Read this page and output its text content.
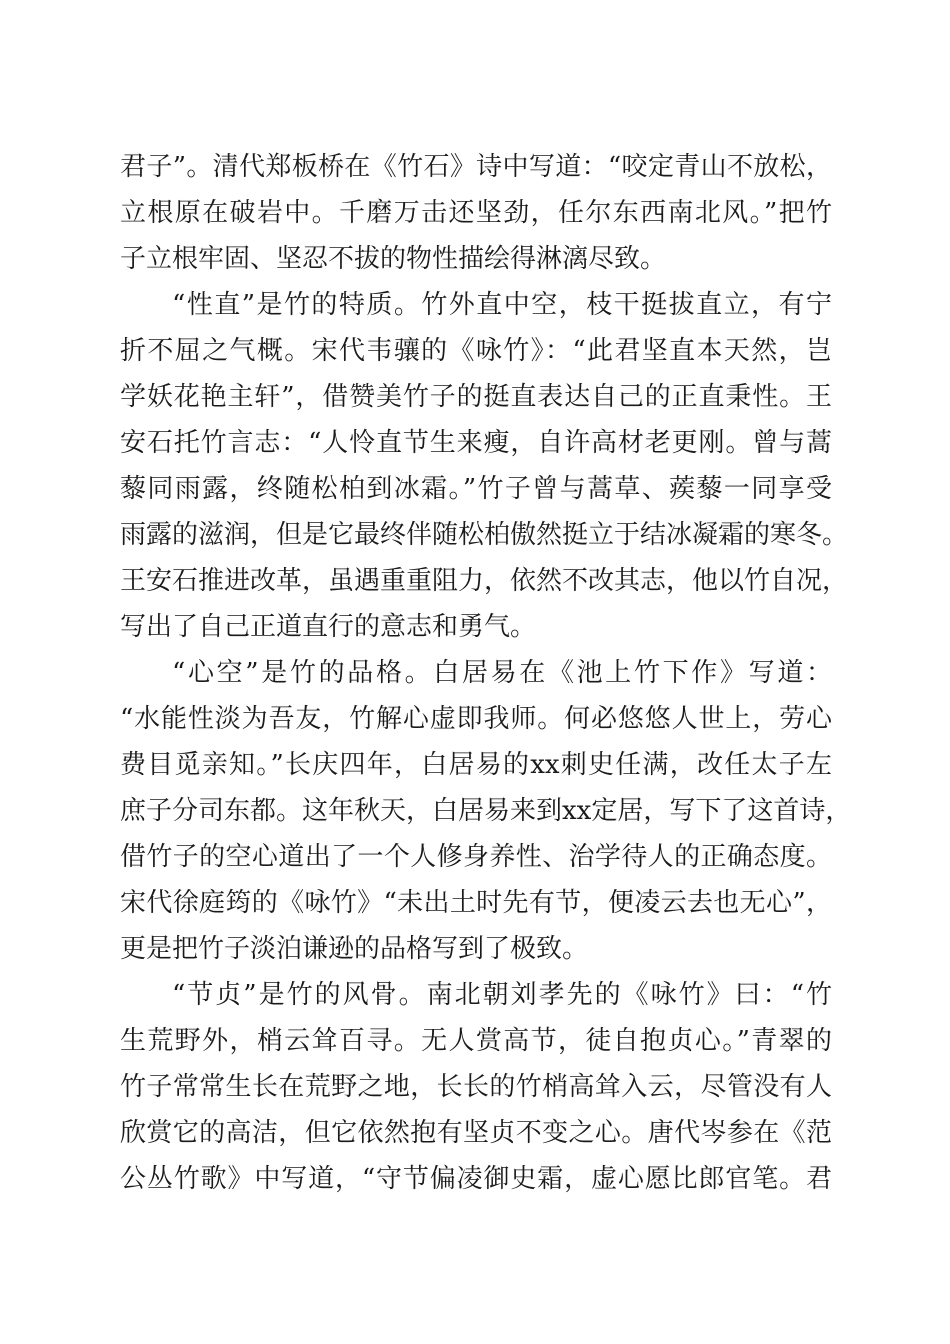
君子”。清代郑板桥在《竹石》诗中写道：“咬定青山不放松，
立根原在破岩中。千磨万击还坚劲，任尔东西南北风。”把竹
子立根牢固、坚忍不拔的物性描绘得淋漓尽致。
“性直”是竹的特质。竹外直中空，枝干挺拔直立，有宁
折不屈之气概。宋代韦骧的《咏竹》：“此君坚直本天然，岂
学妖花艳主轩”，借赞美竹子的挺直表达自己的正直秉性。王
安石托竹言志：“人怜直节生来瘦，自许高材老更刚。曾与蒿
藜同雨露，终随松柏到冰霜。”竹子曾与蒿草、蒺藜一同享受
雨露的滋润，但是它最终伴随松柏傲然挺立于结冰凝霜的寒冬。
王安石推进改革，虽遇重重阻力，依然不改其志，他以竹自况，
写出了自己正道直行的意志和勇气。
“心空”是竹的品格。白居易在《池上竹下作》写道：
“水能性淡为吾友，竹解心虚即我师。何必悠悠人世上，劳心
费目觅亲知。”长庆四年，白居易的xx刺史任满，改任太子左
庶子分司东都。这年秋天，白居易来到xx定居，写下了这首诗，
借竹子的空心道出了一个人修身养性、治学待人的正确态度。
宋代徐庭筠的《咏竹》“未出土时先有节，便凌云去也无心”，
更是把竹子淡泊谦逊的品格写到了极致。
“节贞”是竹的风骨。南北朝刘孝先的《咏竹》曰：“竹
生荒野外，梢云耸百寻。无人赏高节，徒自抱贞心。”青翠的
竹子常常生长在荒野之地，长长的竹梢高耸入云，尽管没有人
欣赏它的高洁，但它依然抱有坚贞不变之心。唐代岑参在《范
公丛竹歌》中写道，“守节偏凌御史霜，虚心愿比郎官笔。君
